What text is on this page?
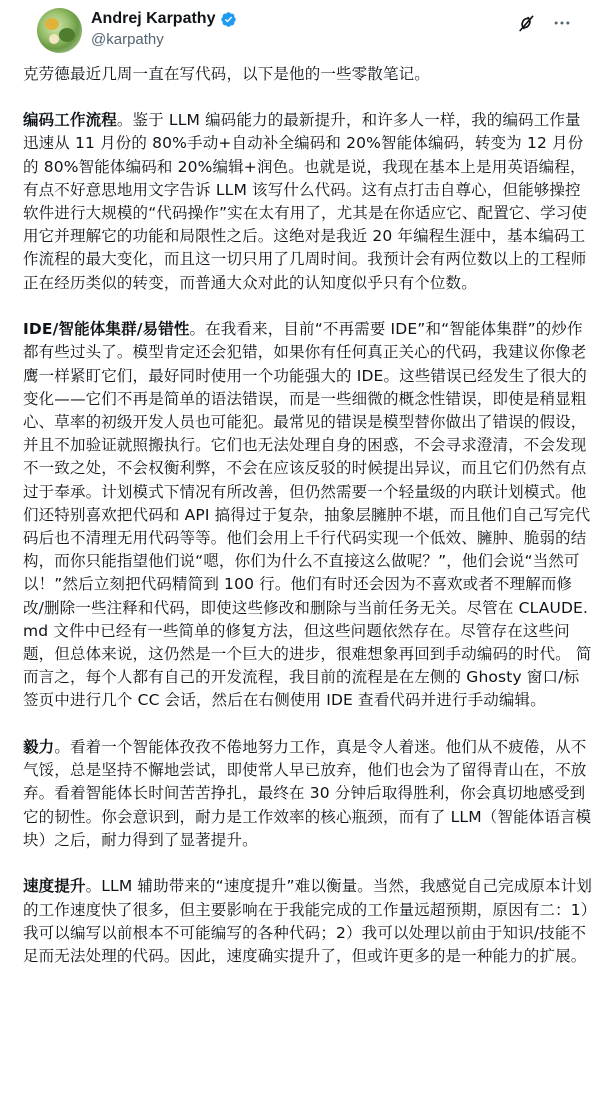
Andrej Karpathy
@karpathy

克劳德最近几周一直在写代码，以下是他的一些零散笔记。

编码工作流程。鉴于 LLM 编码能力的最新提升，和许多人一样，我的编码工作量迅速从 11 月份的 80%手动+自动补全编码和 20%智能体编码，转变为 12 月份的 80%智能体编码和 20%编辑+润色。也就是说，我现在基本上是用英语编程，有点不好意思地用文字告诉 LLM 该写什么代码。这有点打击自尊心，但能够操控软件进行大规模的“代码操作”实在太有用了，尤其是在你适应它、配置它、学习使用它并理解它的功能和局限性之后。这绝对是我近 20 年编程生涯中，基本编码工作流程的最大变化，而且这一切只用了几周时间。我预计会有两位数以上的工程师正在经历类似的转变，而普通大众对此的认知度似乎只有个位数。

IDE/智能体集群/易错性。在我看来，目前“不再需要 IDE”和“智能体集群”的炒作都有些过头了。模型肯定还会犯错，如果你有任何真正关心的代码，我建议你像老鹰一样紧盯它们，最好同时使用一个功能强大的 IDE。这些错误已经发生了很大的变化——它们不再是简单的语法错误，而是一些细微的概念性错误，即使是稍显粗心、草率的初级开发人员也可能犯。最常见的错误是模型替你做出了错误的假设，并且不加验证就照搬执行。它们也无法处理自身的困惑，不会寻求澄清，不会发现不一致之处，不会权衡利弊，不会在应该反驳的时候提出异议，而且它们仍然有点过于奉承。计划模式下情况有所改善，但仍然需要一个轻量级的内联计划模式。他们还特别喜欢把代码和 API 搞得过于复杂，抽象层臃肿不堪，而且他们自己写完代码后也不清理无用代码等等。他们会用上千行代码实现一个低效、臃肿、脆弱的结构，而你只能指望他们说“嗯，你们为什么不直接这么做呢？”，他们会说“当然可以！”然后立刻把代码精简到 100 行。他们有时还会因为不喜欢或者不理解而修改/删除一些注释和代码，即使这些修改和删除与当前任务无关。尽管在 CLAUDE.md 文件中已经有一些简单的修复方法，但这些问题依然存在。尽管存在这些问题，但总体来说，这仍然是一个巨大的进步，很难想象再回到手动编码的时代。 简而言之，每个人都有自己的开发流程，我目前的流程是在左侧的 Ghosty 窗口/标签页中进行几个 CC 会话，然后在右侧使用 IDE 查看代码并进行手动编辑。

毅力。看着一个智能体孜孜不倦地努力工作，真是令人着迷。他们从不疲倦，从不气馁，总是坚持不懈地尝试，即使常人早已放弃，他们也会为了留得青山在，不放弃。看着智能体长时间苦苦挣扎，最终在 30 分钟后取得胜利，你会真切地感受到它的韧性。你会意识到，耐力是工作效率的核心瓶颈，而有了 LLM（智能体语言模块）之后，耐力得到了显著提升。

速度提升。LLM 辅助带来的“速度提升”难以衡量。当然，我感觉自己完成原本计划的工作速度快了很多，但主要影响在于我能完成的工作量远超预期，原因有二：1）我可以编写以前根本不可能编写的各种代码；2）我可以处理以前由于知识/技能不足而无法处理的代码。因此，速度确实提升了，但或许更多的是一种能力的扩展。
